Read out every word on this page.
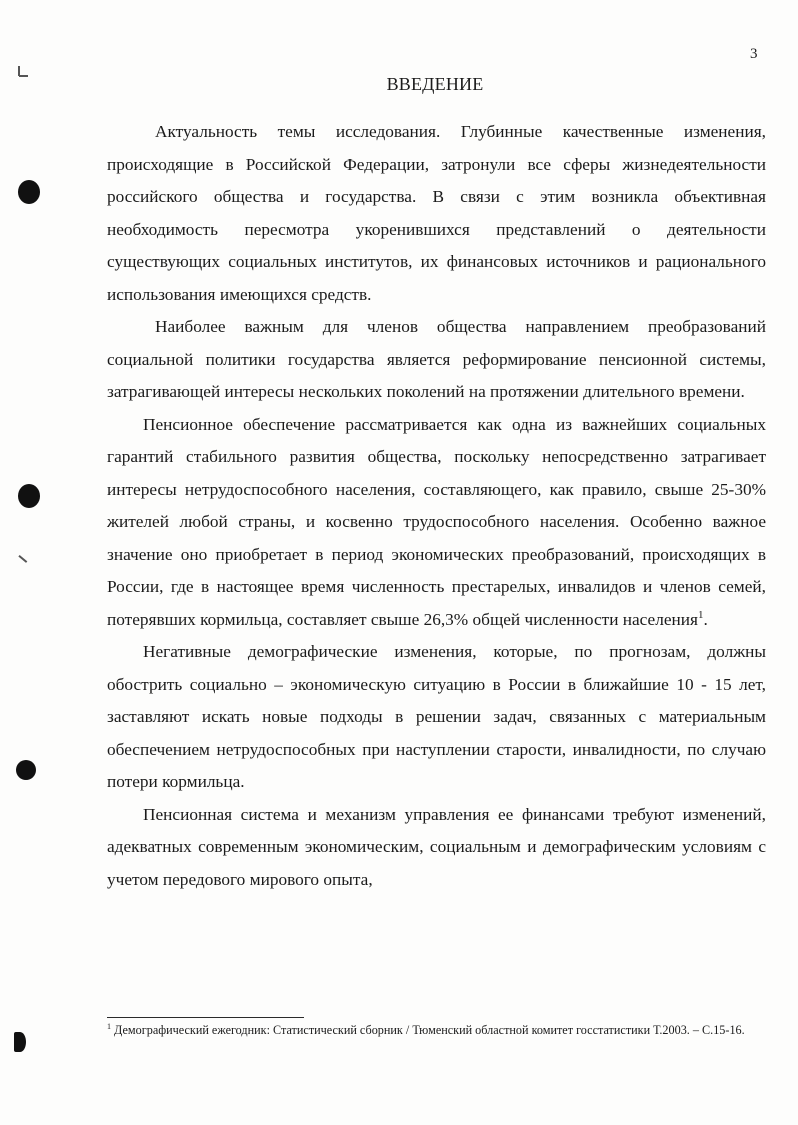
3
ВВЕДЕНИЕ

Актуальность темы исследования. Глубинные качественные изменения, происходящие в Российской Федерации, затронули все сферы жизнедеятельности российского общества и государства. В связи с этим возникла объективная необходимость пересмотра укоренившихся представлений о деятельности существующих социальных институтов, их финансовых источников и рационального использования имеющихся средств.

Наиболее важным для членов общества направлением преобразований социальной политики государства является реформирование пенсионной системы, затрагивающей интересы нескольких поколений на протяжении длительного времени.

Пенсионное обеспечение рассматривается как одна из важнейших социальных гарантий стабильного развития общества, поскольку непосредственно затрагивает интересы нетрудоспособного населения, составляющего, как правило, свыше 25-30% жителей любой страны, и косвенно трудоспособного населения. Особенно важное значение оно приобретает в период экономических преобразований, происходящих в России, где в настоящее время численность престарелых, инвалидов и членов семей, потерявших кормильца, составляет свыше 26,3% общей численности населения$^1$.

Негативные демографические изменения, которые, по прогнозам, должны обострить социально – экономическую ситуацию в России в ближайшие 10 - 15 лет, заставляют искать новые подходы в решении задач, связанных с материальным обеспечением нетрудоспособных при наступлении старости, инвалидности, по случаю потери кормильца.

Пенсионная система и механизм управления ее финансами требуют изменений, адекватных современным экономическим, социальным и демографическим условиям с учетом передового мирового опыта,

$^1$ Демографический ежегодник: Статистический сборник / Тюменский областной комитет госстатистики Т.2003. – С.15-16.
